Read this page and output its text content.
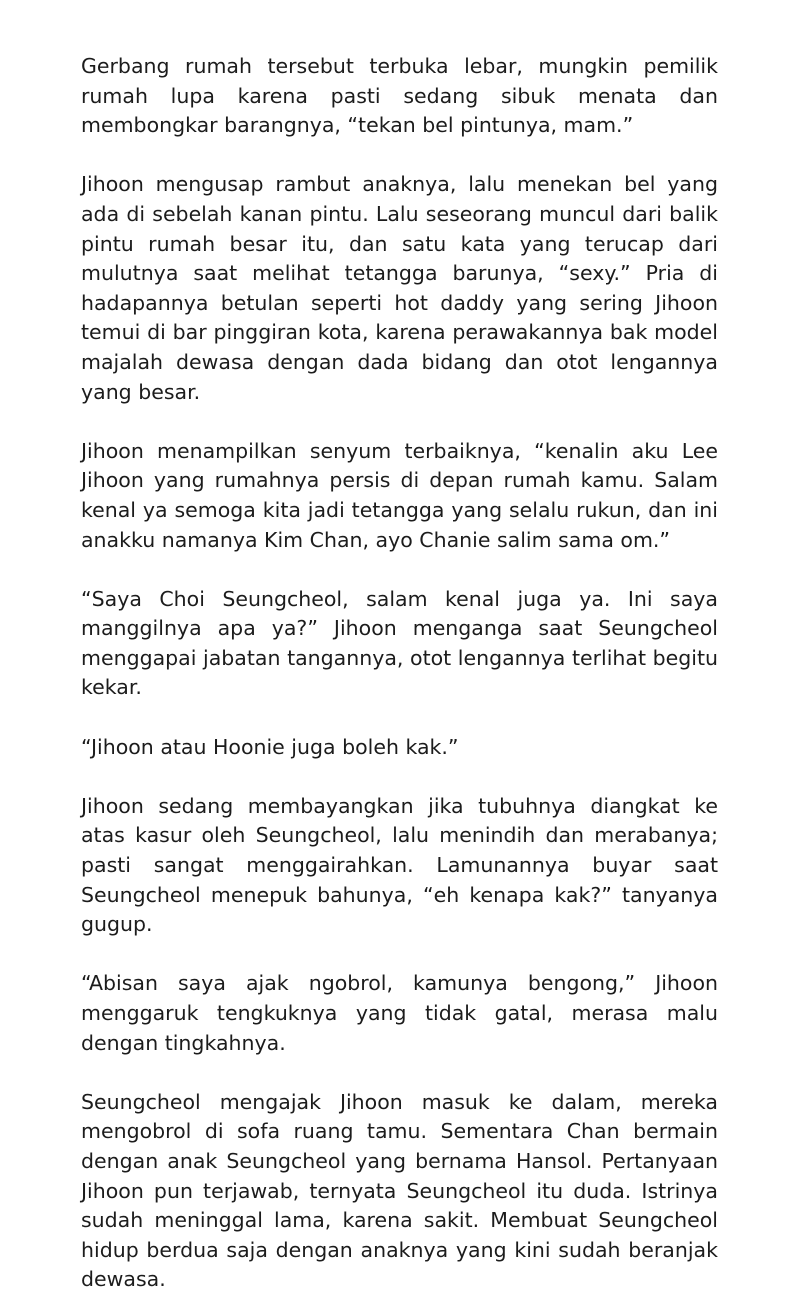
Gerbang rumah tersebut terbuka lebar, mungkin pemilik rumah lupa karena pasti sedang sibuk menata dan membongkar barangnya, “tekan bel pintunya, mam.”

Jihoon mengusap rambut anaknya, lalu menekan bel yang ada di sebelah kanan pintu. Lalu seseorang muncul dari balik pintu rumah besar itu, dan satu kata yang terucap dari mulutnya saat melihat tetangga barunya, “sexy.” Pria di hadapannya betulan seperti hot daddy yang sering Jihoon temui di bar pinggiran kota, karena perawakannya bak model majalah dewasa dengan dada bidang dan otot lengannya yang besar.

Jihoon menampilkan senyum terbaiknya, “kenalin aku Lee Jihoon yang rumahnya persis di depan rumah kamu. Salam kenal ya semoga kita jadi tetangga yang selalu rukun, dan ini anakku namanya Kim Chan, ayo Chanie salim sama om.”

“Saya Choi Seungcheol, salam kenal juga ya. Ini saya manggilnya apa ya?” Jihoon menganga saat Seungcheol menggapai jabatan tangannya, otot lengannya terlihat begitu kekar.

“Jihoon atau Hoonie juga boleh kak.”

Jihoon sedang membayangkan jika tubuhnya diangkat ke atas kasur oleh Seungcheol, lalu menindih dan merabanya; pasti sangat menggairahkan. Lamunannya buyar saat Seungcheol menepuk bahunya, “eh kenapa kak?” tanyanya gugup.

“Abisan saya ajak ngobrol, kamunya bengong,” Jihoon menggaruk tengkuknya yang tidak gatal, merasa malu dengan tingkahnya.

Seungcheol mengajak Jihoon masuk ke dalam, mereka mengobrol di sofa ruang tamu. Sementara Chan bermain dengan anak Seungcheol yang bernama Hansol. Pertanyaan Jihoon pun terjawab, ternyata Seungcheol itu duda. Istrinya sudah meninggal lama, karena sakit. Membuat Seungcheol hidup berdua saja dengan anaknya yang kini sudah beranjak dewasa.
